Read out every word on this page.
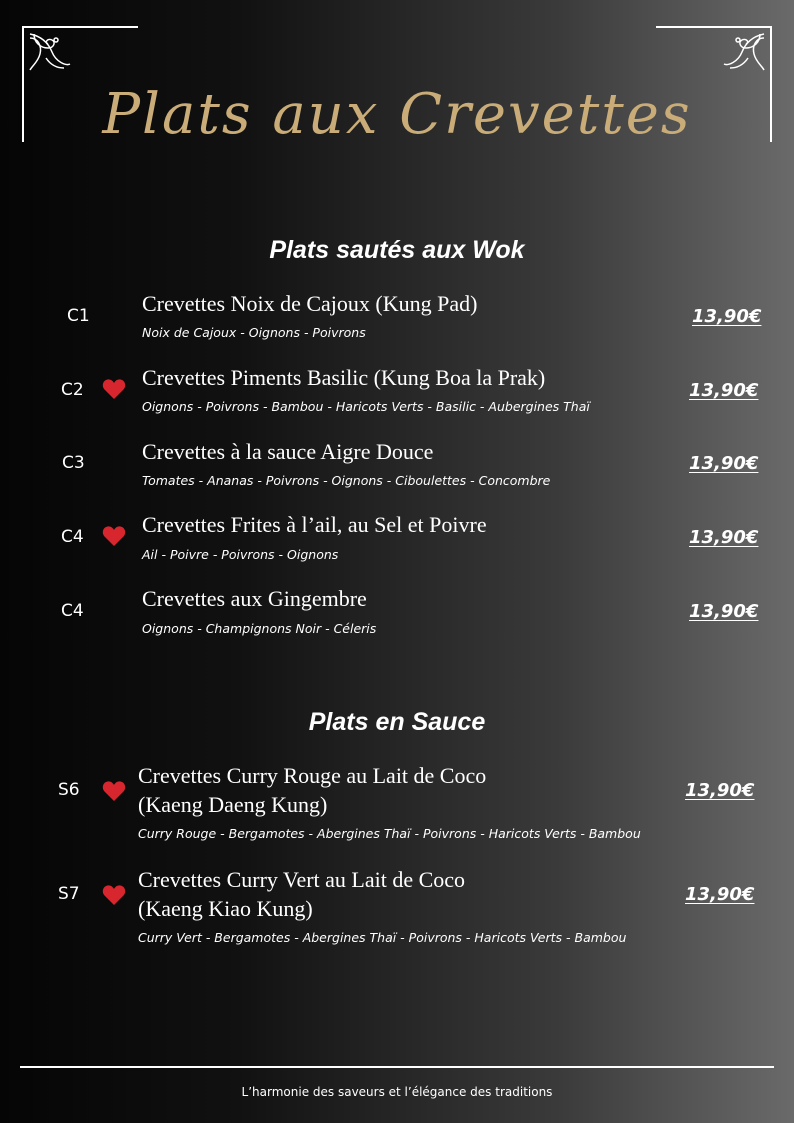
Plats aux Crevettes
Plats sautés aux Wok
C1 Crevettes Noix de Cajoux (Kung Pad)
Noix de Cajoux - Oignons - Poivrons
13,90€
C2	Crevettes Piments Basilic (Kung Boa la Prak)
Oignons - Poivrons - Bambou - Haricots Verts - Basilic - Aubergines Thaï
13,90€
C3	Crevettes à la sauce Aigre Douce
Tomates - Ananas - Poivrons - Oignons - Ciboulettes - Concombre
13,90€
C4	Crevettes Frites à l’ail, au Sel et Poivre
Ail - Poivre - Poivrons - Oignons
13,90€
C4	Crevettes aux Gingembre
Oignons - Champignons Noir - Céleris
13,90€
Plats en Sauce
S6
Crevettes Curry Rouge au Lait de Coco
(Kaeng Daeng Kung)
Curry Rouge - Bergamotes - Abergines Thaï - Poivrons - Haricots Verts - Bambou
13,90€
S7
Crevettes Curry Vert au Lait de Coco
(Kaeng Kiao Kung)
Curry Vert - Bergamotes - Abergines Thaï - Poivrons - Haricots Verts - Bambou
13,90€
L’harmonie des saveurs et l’élégance des traditions
